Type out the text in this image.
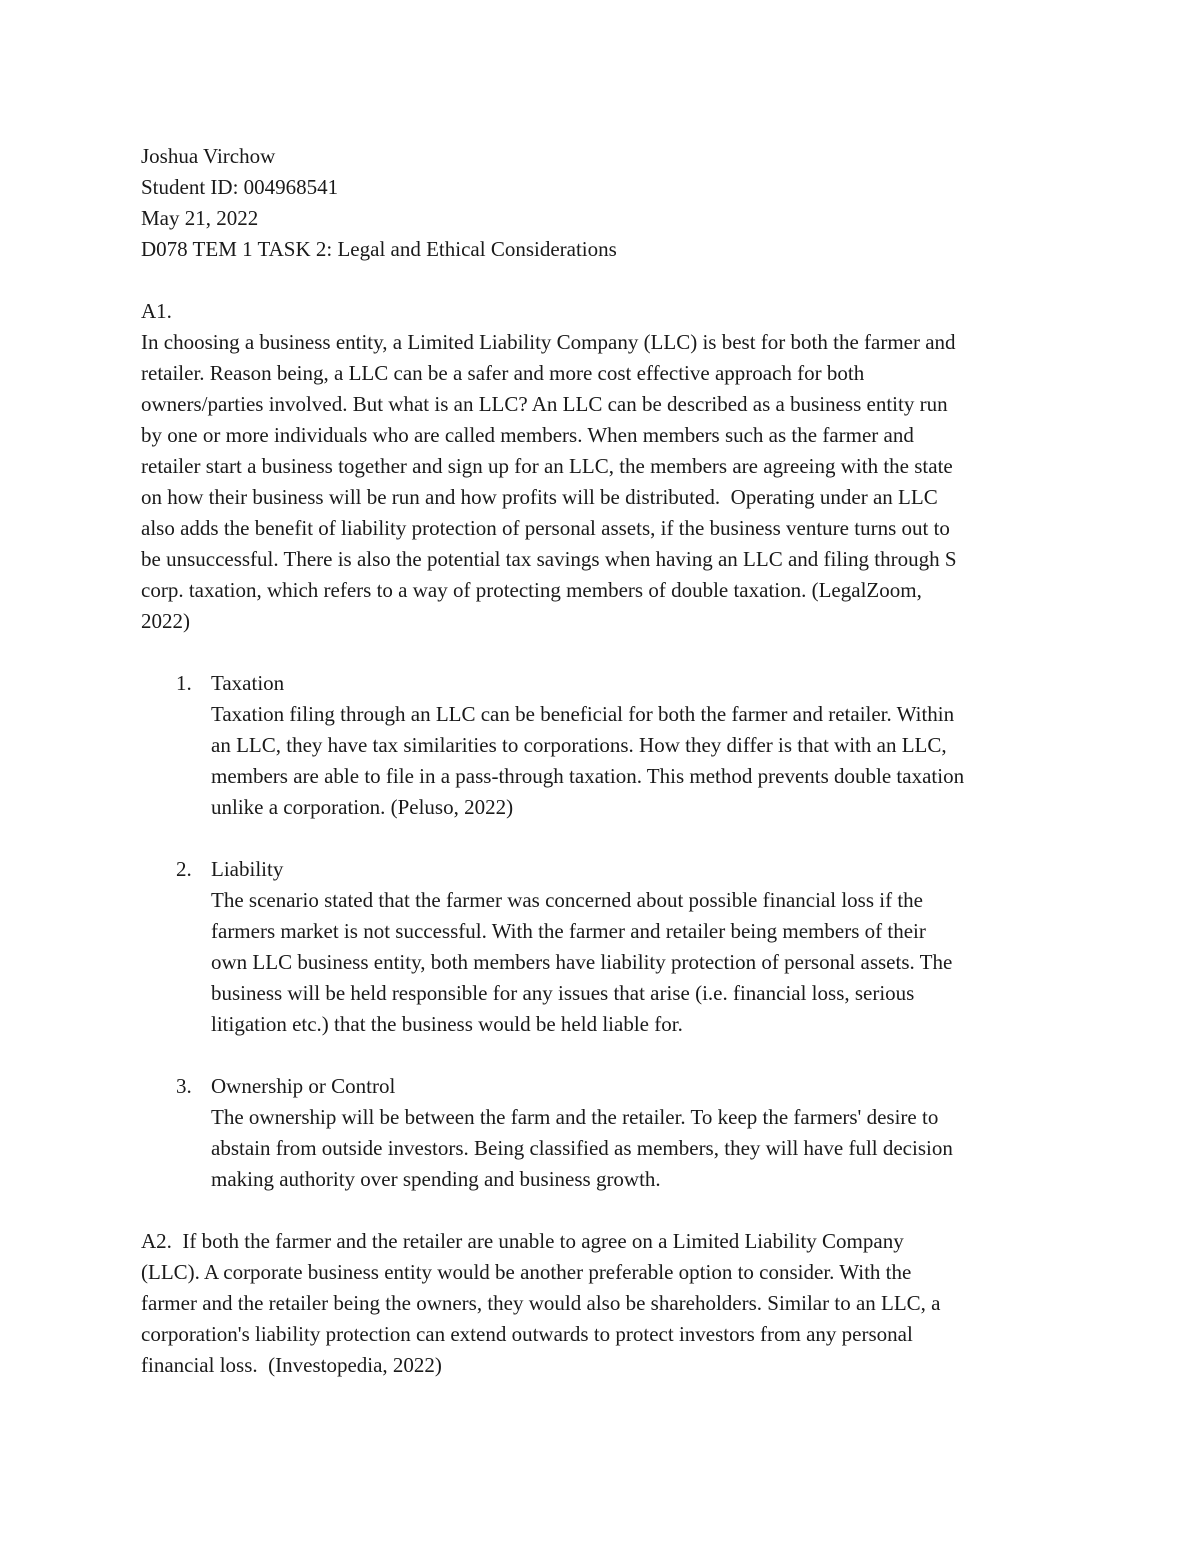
Joshua Virchow
Student ID: 004968541
May 21, 2022
D078 TEM 1 TASK 2: Legal and Ethical Considerations
A1.
In choosing a business entity, a Limited Liability Company (LLC) is best for both the farmer and
retailer. Reason being, a LLC can be a safer and more cost effective approach for both
owners/parties involved. But what is an LLC? An LLC can be described as a business entity run
by one or more individuals who are called members. When members such as the farmer and
retailer start a business together and sign up for an LLC, the members are agreeing with the state
on how their business will be run and how profits will be distributed.  Operating under an LLC
also adds the benefit of liability protection of personal assets, if the business venture turns out to
be unsuccessful. There is also the potential tax savings when having an LLC and filing through S
corp. taxation, which refers to a way of protecting members of double taxation. (LegalZoom,
2022)
1. Taxation
Taxation filing through an LLC can be beneficial for both the farmer and retailer. Within
an LLC, they have tax similarities to corporations. How they differ is that with an LLC,
members are able to file in a pass-through taxation. This method prevents double taxation
unlike a corporation. (Peluso, 2022)
2. Liability
The scenario stated that the farmer was concerned about possible financial loss if the
farmers market is not successful. With the farmer and retailer being members of their
own LLC business entity, both members have liability protection of personal assets. The
business will be held responsible for any issues that arise (i.e. financial loss, serious
litigation etc.) that the business would be held liable for.
3. Ownership or Control
The ownership will be between the farm and the retailer. To keep the farmers' desire to
abstain from outside investors. Being classified as members, they will have full decision
making authority over spending and business growth.
A2.  If both the farmer and the retailer are unable to agree on a Limited Liability Company
(LLC). A corporate business entity would be another preferable option to consider. With the
farmer and the retailer being the owners, they would also be shareholders. Similar to an LLC, a
corporation's liability protection can extend outwards to protect investors from any personal
financial loss.  (Investopedia, 2022)
